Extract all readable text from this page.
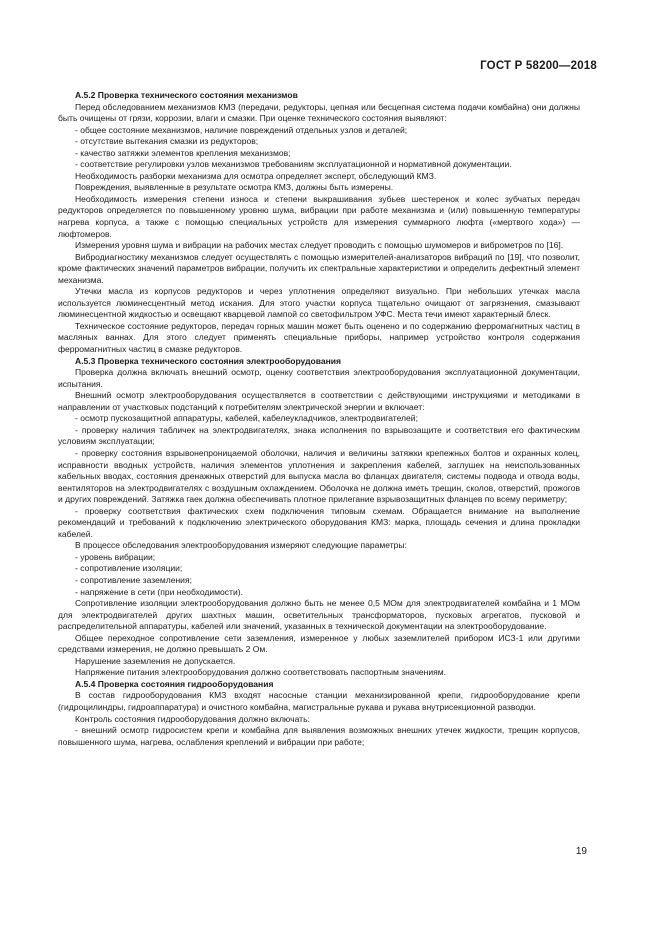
ГОСТ Р 58200—2018

А.5.2 Проверка технического состояния механизмов

Перед обследованием механизмов КМЗ (передачи, редукторы, цепная или бесцепная система подачи комбайна) они должны быть очищены от грязи, коррозии, влаги и смазки. При оценке технического состояния выявляют:

- общее состояние механизмов, наличие повреждений отдельных узлов и деталей;

- отсутствие вытекания смазки из редукторов;

- качество затяжки элементов крепления механизмов;

- соответствие регулировки узлов механизмов требованиям эксплуатационной и нормативной документации.

Необходимость разборки механизма для осмотра определяет эксперт, обследующий КМЗ.

Повреждения, выявленные в результате осмотра КМЗ, должны быть измерены.

Необходимость измерения степени износа и степени выкрашивания зубьев шестеренок и колес зубчатых передач редукторов определяется по повышенному уровню шума, вибрации при работе механизма и (или) повышенную температуры нагрева корпуса, а также с помощью специальных устройств для измерения суммарного люфта («мертвого хода») — люфтомеров.

Измерения уровня шума и вибрации на рабочих местах следует проводить с помощью шумомеров и виброметров по [16].

Вибродиагностику механизмов следует осуществлять с помощью измерителей-анализаторов вибраций по [19], что позволит, кроме фактических значений параметров вибрации, получить их спектральные характеристики и определить дефектный элемент механизма.

Утечки масла из корпусов редукторов и через уплотнения определяют визуально. При небольших утечках масла используется люминесцентный метод искания. Для этого участки корпуса тщательно очищают от загрязнения, смазывают люминесцентной жидкостью и освещают кварцевой лампой со светофильтром УФС. Места течи имеют характерный блеск.

Техническое состояние редукторов, передач горных машин может быть оценено и по содержанию ферромагнитных частиц в масляных ваннах. Для этого следует применять специальные приборы, например устройство контроля содержания ферромагнитных частиц в смазке редукторов.

А.5.3 Проверка технического состояния электрооборудования

Проверка должна включать внешний осмотр, оценку соответствия электрооборудования эксплуатационной документации, испытания.

Внешний осмотр электрооборудования осуществляется в соответствии с действующими инструкциями и методиками в направлении от участковых подстанций к потребителям электрической энергии и включает:

- осмотр пускозащитной аппаратуры, кабелей, кабелеукладчиков, электродвигателей;

- проверку наличия табличек на электродвигателях, знака исполнения по взрывозащите и соответствия его фактическим условиям эксплуатации;

- проверку состояния взрывонепроницаемой оболочки, наличия и величины затяжки крепежных болтов и охранных колец, исправности вводных устройств, наличия элементов уплотнения и закрепления кабелей, заглушек на неиспользованных кабельных вводах, состояния дренажных отверстий для выпуска масла во фланцах двигателя, системы подвода и отвода воды, вентиляторов на электродвигателях с воздушным охлаждением. Оболочка не должна иметь трещин, сколов, отверстий, прожогов и других повреждений. Затяжка гаек должна обеспечивать плотное прилегание взрывозащитных фланцев по всему периметру;

- проверку соответствия фактических схем подключения типовым схемам. Обращается внимание на выполнение рекомендаций и требований к подключению электрического оборудования КМЗ: марка, площадь сечения и длина прокладки кабелей.

В процессе обследования электрооборудования измеряют следующие параметры:

- уровень вибрации;

- сопротивление изоляции;

- сопротивление заземления;

- напряжение в сети (при необходимости).

Сопротивление изоляции электрооборудования должно быть не менее 0,5 МОм для электродвигателей комбайна и 1 МОм для электродвигателей других шахтных машин, осветительных трансформаторов, пусковых агрегатов, пусковой и распределительной аппаратуры, кабелей или значений, указанных в технической документации на электрооборудование.

Общее переходное сопротивление сети заземления, измеренное у любых заземлителей прибором ИСЗ-1 или другими средствами измерения, не должно превышать 2 Ом.

Нарушение заземления не допускается.

Напряжение питания электрооборудования должно соответствовать паспортным значениям.

А.5.4 Проверка состояния гидрооборудования

В состав гидрооборудования КМЗ входят насосные станции механизированной крепи, гидрооборудование крепи (гидроцилиндры, гидроаппаратура) и очистного комбайна, магистральные рукава и рукава внутрисекционной разводки.

Контроль состояния гидрооборудования должно включать:

- внешний осмотр гидросистем крепи и комбайна для выявления возможных внешних утечек жидкости, трещин корпусов, повышенного шума, нагрева, ослабления креплений и вибрации при работе;

19
